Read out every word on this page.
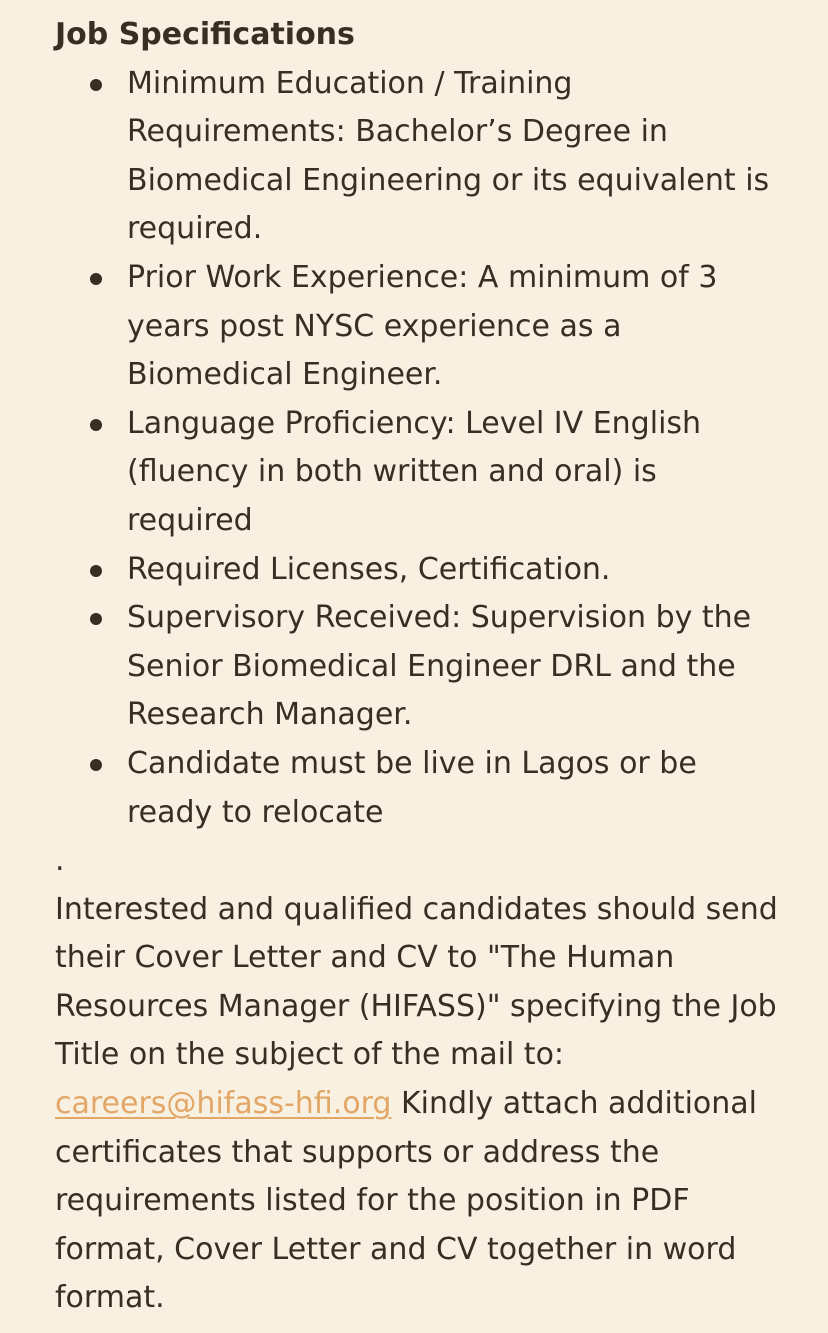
Job Specifications
Minimum Education / Training Requirements: Bachelor’s Degree in Biomedical Engineering or its equivalent is required.
Prior Work Experience: A minimum of 3 years post NYSC experience as a Biomedical Engineer.
Language Proficiency: Level IV English (fluency in both written and oral) is required
Required Licenses, Certification.
Supervisory Received: Supervision by the Senior Biomedical Engineer DRL and the Research Manager.
Candidate must be live in Lagos or be ready to relocate

.

Interested and qualified candidates should send their Cover Letter and CV to "The Human Resources Manager (HIFASS)" specifying the Job Title on the subject of the mail to: careers@hifass-hfi.org Kindly attach additional certificates that supports or address the requirements listed for the position in PDF format, Cover Letter and CV together in word format.
